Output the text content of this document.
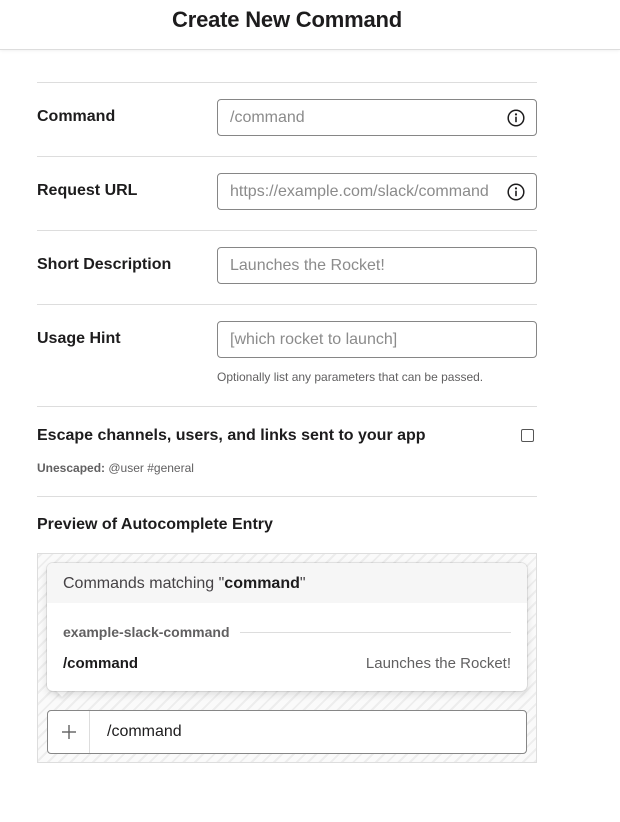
Create New Command
Command
/command
Request URL
https://example.com/slack/command
Short Description
Launches the Rocket!
Usage Hint
[which rocket to launch]
Optionally list any parameters that can be passed.
Escape channels, users, and links sent to your app
Unescaped: @user #general
Preview of Autocomplete Entry
Commands matching "command"
example-slack-command
/command	Launches the Rocket!
/command
